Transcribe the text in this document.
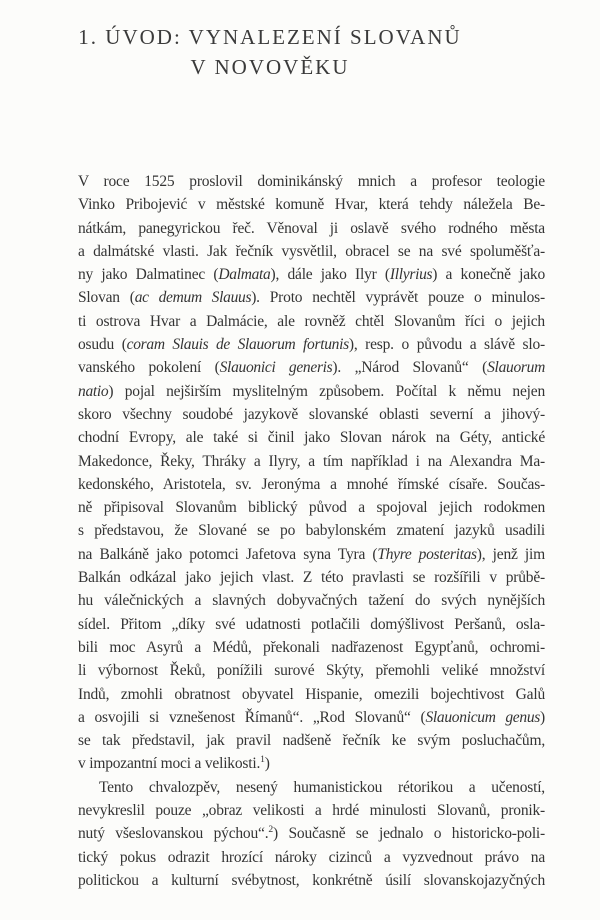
1. ÚVOD: VYNALEZENÍ SLOVANŮ
V NOVOVĚKU
V roce 1525 proslovil dominikánský mnich a profesor teologie
Vinko Pribojević v městské komuně Hvar, která tehdy náležela Be-
nátkám, panegyrickou řeč. Věnoval ji oslavě svého rodného města
a dalmátské vlasti. Jak řečník vysvětlil, obracel se na své spoluměšťa-
ny jako Dalmatinec (Dalmata), dále jako Ilyr (Illyrius) a konečně jako
Slovan (ac demum Slauus). Proto nechtěl vyprávět pouze o minulos-
ti ostrova Hvar a Dalmácie, ale rovněž chtěl Slovanům říci o jejich
osudu (coram Slauis de Slauorum fortunis), resp. o původu a slávě slo-
vanského pokolení (Slauonici generis). „Národ Slovanů“ (Slauorum
natio) pojal nejširším myslitelným způsobem. Počítal k němu nejen
skoro všechny soudobé jazykově slovanské oblasti severní a jihový-
chodní Evropy, ale také si činil jako Slovan nárok na Géty, antické
Makedonce, Řeky, Thráky a Ilyry, a tím například i na Alexandra Ma-
kedonského, Aristotela, sv. Jeronýma a mnohé římské císaře. Součas-
ně připisoval Slovanům biblický původ a spojoval jejich rodokmen
s představou, že Slované se po babylonském zmatení jazyků usadili
na Balkáně jako potomci Jafetova syna Tyra (Thyre posteritas), jenž jim
Balkán odkázal jako jejich vlast. Z této pravlasti se rozšířili v průbě-
hu válečnických a slavných dobyvačných tažení do svých nynějších
sídel. Přitom „díky své udatnosti potlačili domýšlivost Peršanů, osla-
bili moc Asyrů a Médů, překonali nadřazenost Egypťanů, ochromi-
li výbornost Řeků, ponížili surové Skýty, přemohli veliké množství
Indů, zmohli obratnost obyvatel Hispanie, omezili bojechtivost Galů
a osvojili si vznešenost Římanů“. „Rod Slovanů“ (Slauonicum genus)
se tak představil, jak pravil nadšeně řečník ke svým posluchačům,
v impozantní moci a velikosti.$^1$)
Tento chvalozpěv, nesený humanistickou rétorikou a učeností,
nevykreslil pouze „obraz velikosti a hrdé minulosti Slovanů, pronik-
nutý všeslovanskou pýchou“.$^2$) Současně se jednalo o historicko-poli-
tický pokus odrazit hrozící nároky cizinců a vyzvednout právo na
politickou a kulturní svébytnost, konkrétně úsilí slovanskojazyčných
